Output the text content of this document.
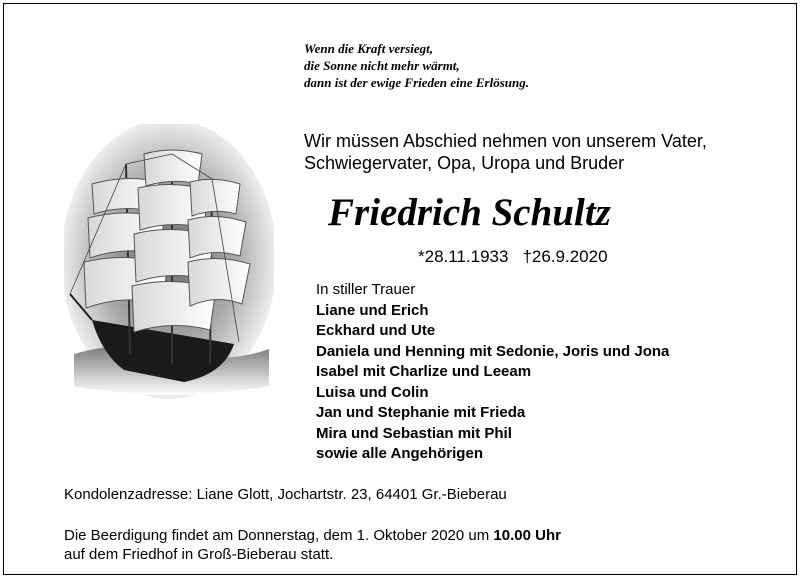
Wenn die Kraft versiegt,
die Sonne nicht mehr wärmt,
dann ist der ewige Frieden eine Erlösung.
Wir müssen Abschied nehmen von unserem Vater,
Schwiegervater, Opa, Uropa und Bruder
Friedrich Schultz
*28.11.1933 †26.9.2020
In stiller Trauer
Liane und Erich
Eckhard und Ute
Daniela und Henning mit Sedonie, Joris und Jona
Isabel mit Charlize und Leeam
Luisa und Colin
Jan und Stephanie mit Frieda
Mira und Sebastian mit Phil
sowie alle Angehörigen
Kondolenzadresse: Liane Glott, Jochartstr. 23, 64401 Gr.-Bieberau
Die Beerdigung findet am Donnerstag, dem 1. Oktober 2020 um 10.00 Uhr
auf dem Friedhof in Groß-Bieberau statt.
